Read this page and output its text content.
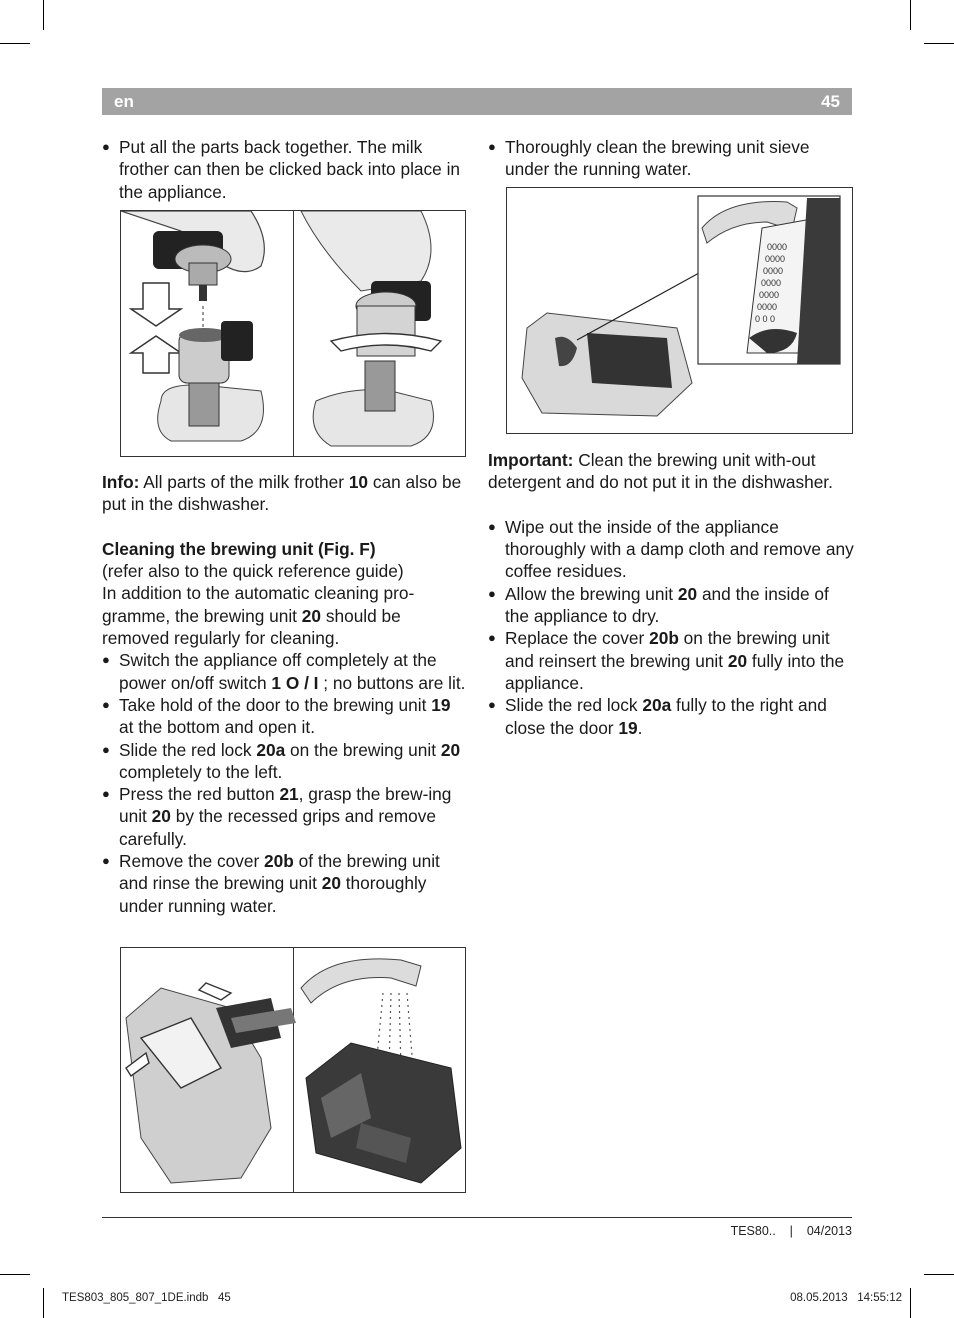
en	45

● Put all the parts back together. The milk frother can then be clicked back into place in the appliance.

Info: All parts of the milk frother 10 can also be put in the dishwasher.

Cleaning the brewing unit (Fig. F)

(refer also to the quick reference guide)

In addition to the automatic cleaning pro-gramme, the brewing unit 20 should be removed regularly for cleaning.

● Switch the appliance off completely at the power on/off switch 1 O / I ; no buttons are lit.

● Take hold of the door to the brewing unit 19 at the bottom and open it.

● Slide the red lock 20a on the brewing unit 20 completely to the left.

● Press the red button 21, grasp the brew-ing unit 20 by the recessed grips and remove carefully.

● Remove the cover 20b of the brewing unit and rinse the brewing unit 20 thoroughly under running water.

● Thoroughly clean the brewing unit sieve under the running water.

0000
0000
0000
0000
0000
0000
0 0 0

Important: Clean the brewing unit with-out detergent and do not put it in the dishwasher.

● Wipe out the inside of the appliance thoroughly with a damp cloth and remove any coffee residues.

● Allow the brewing unit 20 and the inside of the appliance to dry.

● Replace the cover 20b on the brewing unit and reinsert the brewing unit 20 fully into the appliance.

● Slide the red lock 20a fully to the right and close the door 19.

TES80.. | 04/2013
TES803_805_807_1DE.indb   45	08.05.2013   14:55:12
